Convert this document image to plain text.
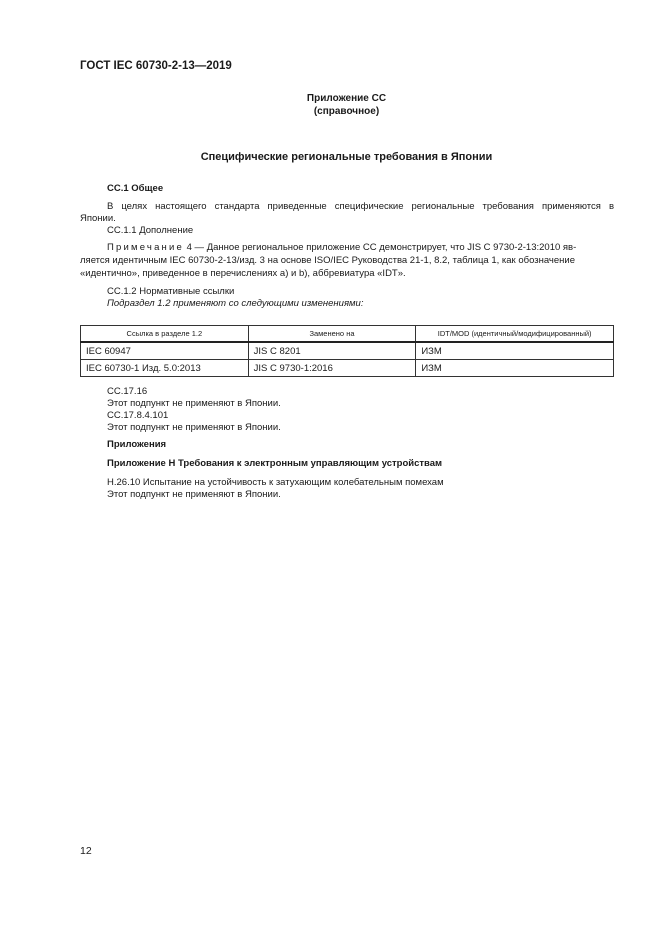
ГОСТ IEC 60730-2-13—2019
Приложение СС
(справочное)
Специфические региональные требования в Японии
СС.1 Общее
В целях настоящего стандарта приведенные специфические региональные требования применяются в
Японии.
СС.1.1 Дополнение
Примечание 4 — Данное региональное приложение СС демонстрирует, что JIS C 9730-2-13:2010 яв-
ляется идентичным IEC 60730-2-13/изд. 3 на основе ISO/IEC Руководства 21-1, 8.2, таблица 1, как обозначение
«идентично», приведенное в перечислениях a) и b), аббревиатура «IDT».
СС.1.2 Нормативные ссылки
Подраздел 1.2 применяют со следующими изменениями:
Ссылка в разделе 1.2	Заменено на	IDT/MOD (идентичный/модифицированный)
IEC 60947	JIS C 8201	ИЗМ
IEC 60730-1 Изд. 5.0:2013	JIS C 9730-1:2016	ИЗМ
СС.17.16
Этот подпункт не применяют в Японии.
СС.17.8.4.101
Этот подпункт не применяют в Японии.
Приложения
Приложение Н Требования к электронным управляющим устройствам
Н.26.10 Испытание на устойчивость к затухающим колебательным помехам
Этот подпункт не применяют в Японии.
12
